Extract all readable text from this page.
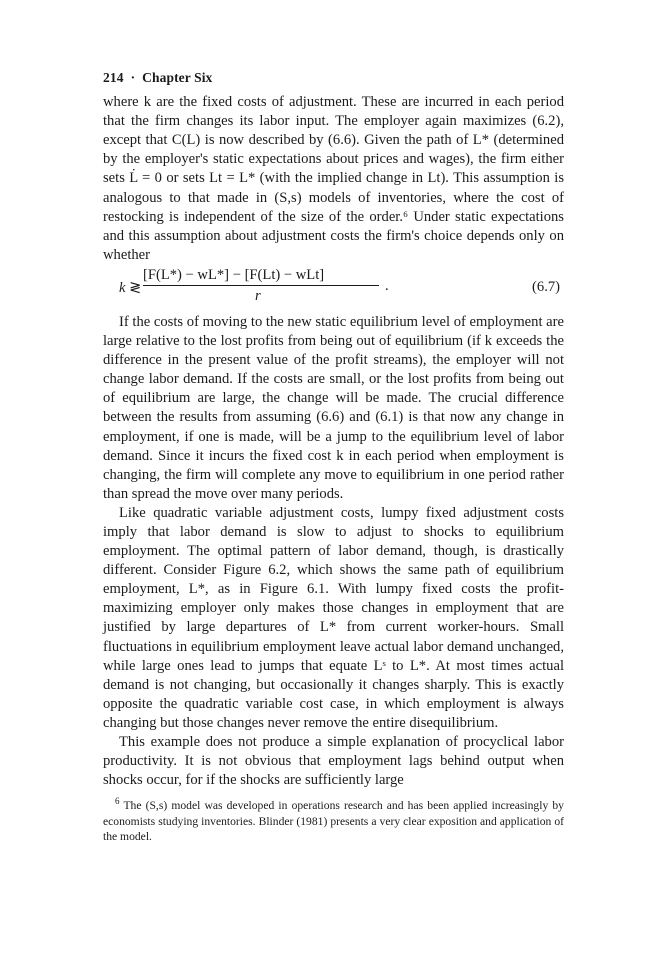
214 · Chapter Six

where k are the fixed costs of adjustment. These are incurred in each period that the firm changes its labor input. The employer again maximizes (6.2), except that C(L) is now described by (6.6). Given the path of L* (determined by the employer's static expectations about prices and wages), the firm either sets L̇ = 0 or sets Lt = L* (with the implied change in Lt). This assumption is analogous to that made in (S,s) models of inventories, where the cost of restocking is independent of the size of the order.⁶ Under static expectations and this assumption about adjustment costs the firm's choice depends only on whether

k ≷
[F(L*) − wL*] − [F(Lt) − wLt]
r
.	(6.7)

If the costs of moving to the new static equilibrium level of employment are large relative to the lost profits from being out of equilibrium (if k exceeds the difference in the present value of the profit streams), the employer will not change labor demand. If the costs are small, or the lost profits from being out of equilibrium are large, the change will be made. The crucial difference between the results from assuming (6.6) and (6.1) is that now any change in employment, if one is made, will be a jump to the equilibrium level of labor demand. Since it incurs the fixed cost k in each period when employment is changing, the firm will complete any move to equilibrium in one period rather than spread the move over many periods.

Like quadratic variable adjustment costs, lumpy fixed adjustment costs imply that labor demand is slow to adjust to shocks to equilibrium employment. The optimal pattern of labor demand, though, is drastically different. Consider Figure 6.2, which shows the same path of equilibrium employment, L*, as in Figure 6.1. With lumpy fixed costs the profit-maximizing employer only makes those changes in employment that are justified by large departures of L* from current worker-hours. Small fluctuations in equilibrium employment leave actual labor demand unchanged, while large ones lead to jumps that equate Lˢ to L*. At most times actual demand is not changing, but occasionally it changes sharply. This is exactly opposite the quadratic variable cost case, in which employment is always changing but those changes never remove the entire disequilibrium.

This example does not produce a simple explanation of procyclical labor productivity. It is not obvious that employment lags behind output when shocks occur, for if the shocks are sufficiently large

$^6$ The (S,s) model was developed in operations research and has been applied increasingly by economists studying inventories. Blinder (1981) presents a very clear exposition and application of the model.
